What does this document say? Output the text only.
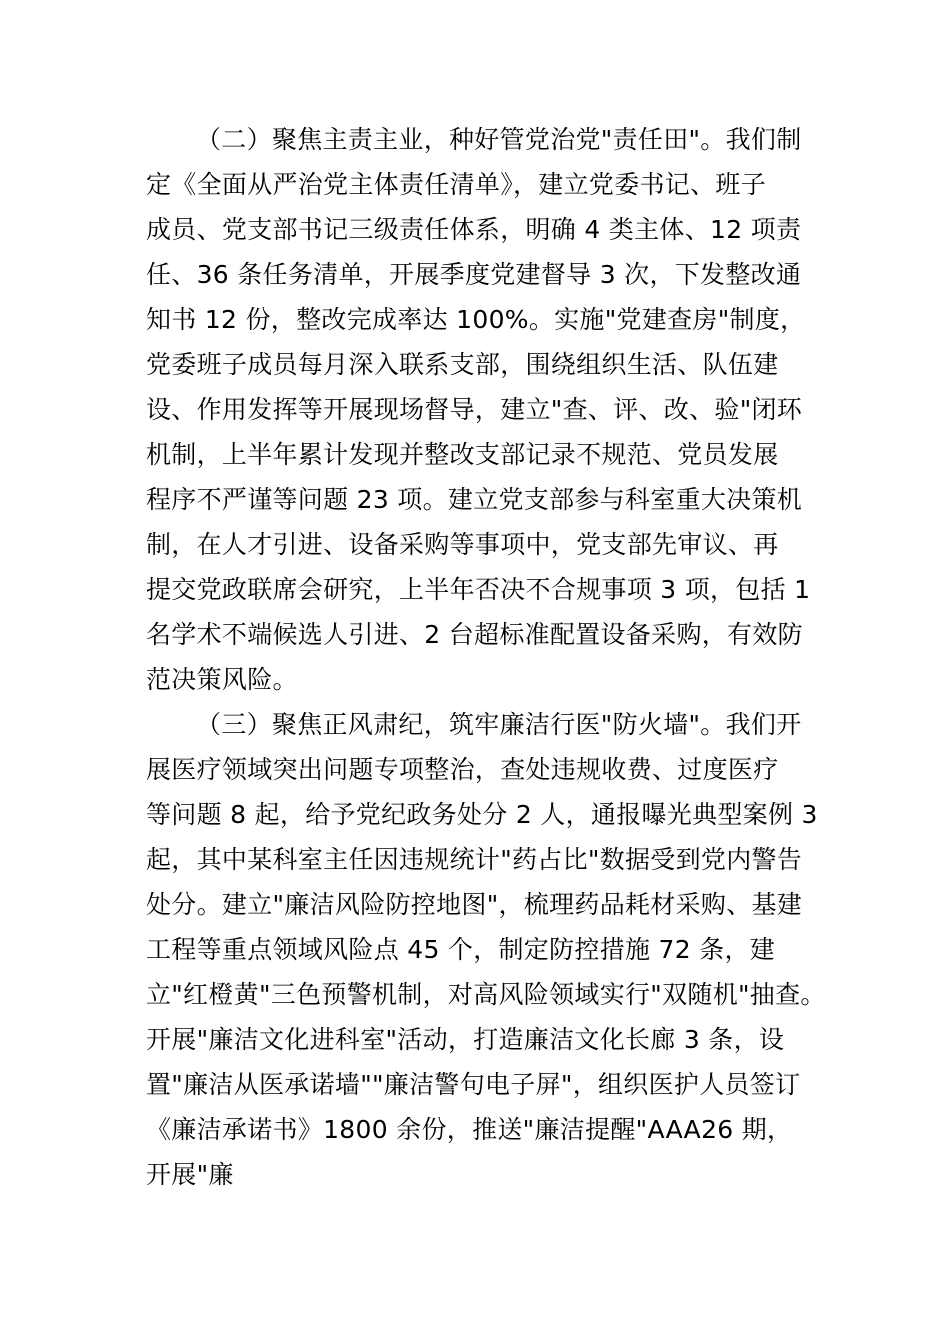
（二）聚焦主责主业，种好管党治党"责任田"。我们制
定《全面从严治党主体责任清单》，建立党委书记、班子
成员、党支部书记三级责任体系，明确 4 类主体、12 项责
任、36 条任务清单，开展季度党建督导 3 次，下发整改通
知书 12 份，整改完成率达 100%。实施"党建查房"制度，
党委班子成员每月深入联系支部，围绕组织生活、队伍建
设、作用发挥等开展现场督导，建立"查、评、改、验"闭环
机制，上半年累计发现并整改支部记录不规范、党员发展
程序不严谨等问题 23 项。建立党支部参与科室重大决策机
制，在人才引进、设备采购等事项中，党支部先审议、再
提交党政联席会研究，上半年否决不合规事项 3 项，包括 1
名学术不端候选人引进、2 台超标准配置设备采购，有效防
范决策风险。
（三）聚焦正风肃纪，筑牢廉洁行医"防火墙"。我们开
展医疗领域突出问题专项整治，查处违规收费、过度医疗
等问题 8 起，给予党纪政务处分 2 人，通报曝光典型案例 3
起，其中某科室主任因违规统计"药占比"数据受到党内警告
处分。建立"廉洁风险防控地图"，梳理药品耗材采购、基建
工程等重点领域风险点 45 个，制定防控措施 72 条，建
立"红橙黄"三色预警机制，对高风险领域实行"双随机"抽查。
开展"廉洁文化进科室"活动，打造廉洁文化长廊 3 条，设
置"廉洁从医承诺墙""廉洁警句电子屏"，组织医护人员签订
《廉洁承诺书》1800 余份，推送"廉洁提醒"AAA26 期，
开展"廉
